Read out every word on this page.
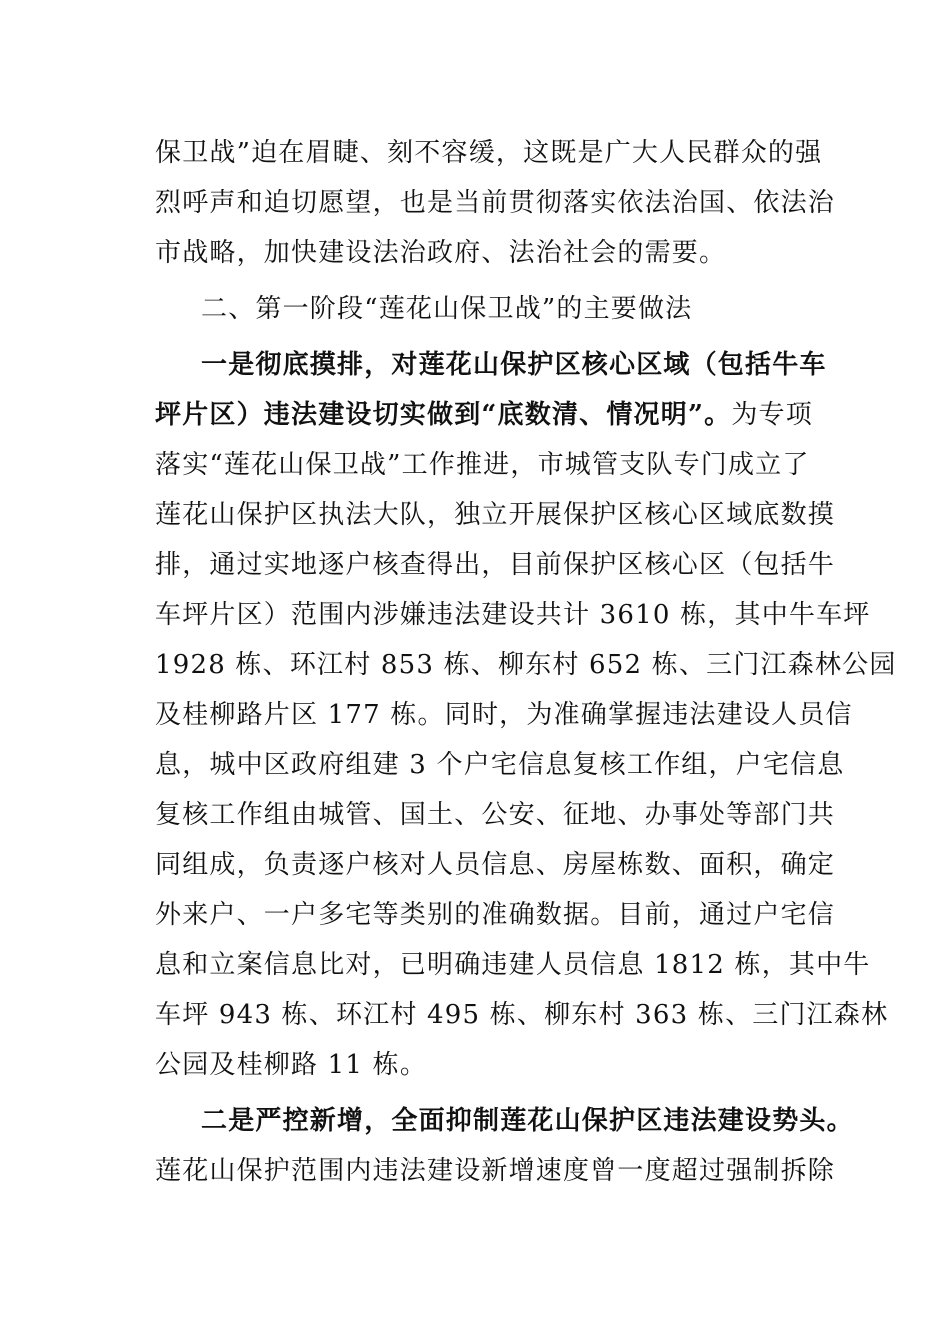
保卫战”迫在眉睫、刻不容缓，这既是广大人民群众的强
烈呼声和迫切愿望，也是当前贯彻落实依法治国、依法治
市战略，加快建设法治政府、法治社会的需要。
二、第一阶段“莲花山保卫战”的主要做法
一是彻底摸排，对莲花山保护区核心区域（包括牛车
坪片区）违法建设切实做到“底数清、情况明”。为专项
落实“莲花山保卫战”工作推进，市城管支队专门成立了
莲花山保护区执法大队，独立开展保护区核心区域底数摸
排，通过实地逐户核查得出，目前保护区核心区（包括牛
车坪片区）范围内涉嫌违法建设共计 3610 栋，其中牛车坪
1928 栋、环江村 853 栋、柳东村 652 栋、三门江森林公园
及桂柳路片区 177 栋。同时，为准确掌握违法建设人员信
息，城中区政府组建 3 个户宅信息复核工作组，户宅信息
复核工作组由城管、国土、公安、征地、办事处等部门共
同组成，负责逐户核对人员信息、房屋栋数、面积，确定
外来户、一户多宅等类别的准确数据。目前，通过户宅信
息和立案信息比对，已明确违建人员信息 1812 栋，其中牛
车坪 943 栋、环江村 495 栋、柳东村 363 栋、三门江森林
公园及桂柳路 11 栋。
二是严控新增，全面抑制莲花山保护区违法建设势头。
莲花山保护范围内违法建设新增速度曾一度超过强制拆除
